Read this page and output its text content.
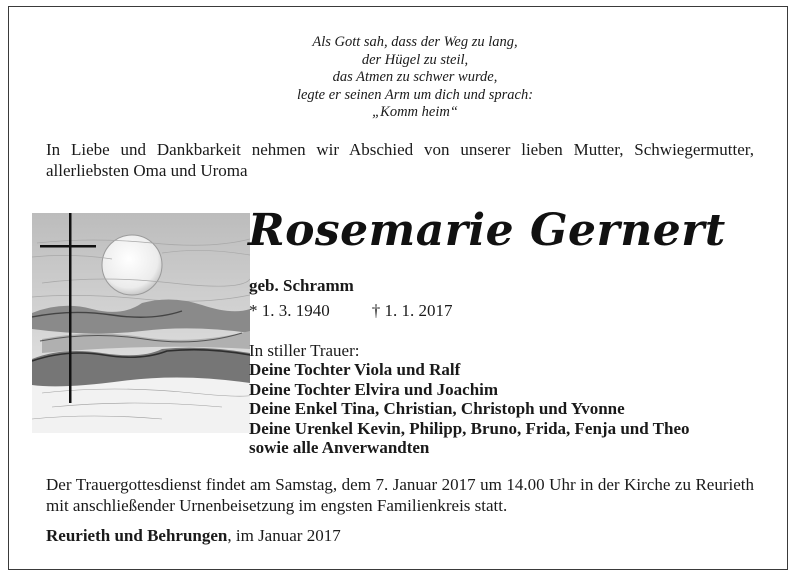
Als Gott sah, dass der Weg zu lang,
der Hügel zu steil,
das Atmen zu schwer wurde,
legte er seinen Arm um dich und sprach:
„Komm heim“
In Liebe und Dankbarkeit nehmen wir Abschied von unserer lieben Mutter, Schwiegermutter, allerliebsten Oma und Uroma
Rosemarie Gernert
geb. Schramm
* 1. 3. 1940 † 1. 1. 2017
In stiller Trauer:
Deine Tochter Viola und Ralf
Deine Tochter Elvira und Joachim
Deine Enkel Tina, Christian, Christoph und Yvonne
Deine Urenkel Kevin, Philipp, Bruno, Frida, Fenja und Theo
sowie alle Anverwandten
Der Trauergottesdienst findet am Samstag, dem 7. Januar 2017 um 14.00 Uhr in der Kirche zu Reurieth mit anschließender Urnenbeisetzung im engsten Familienkreis statt.
Reurieth und Behrungen, im Januar 2017
